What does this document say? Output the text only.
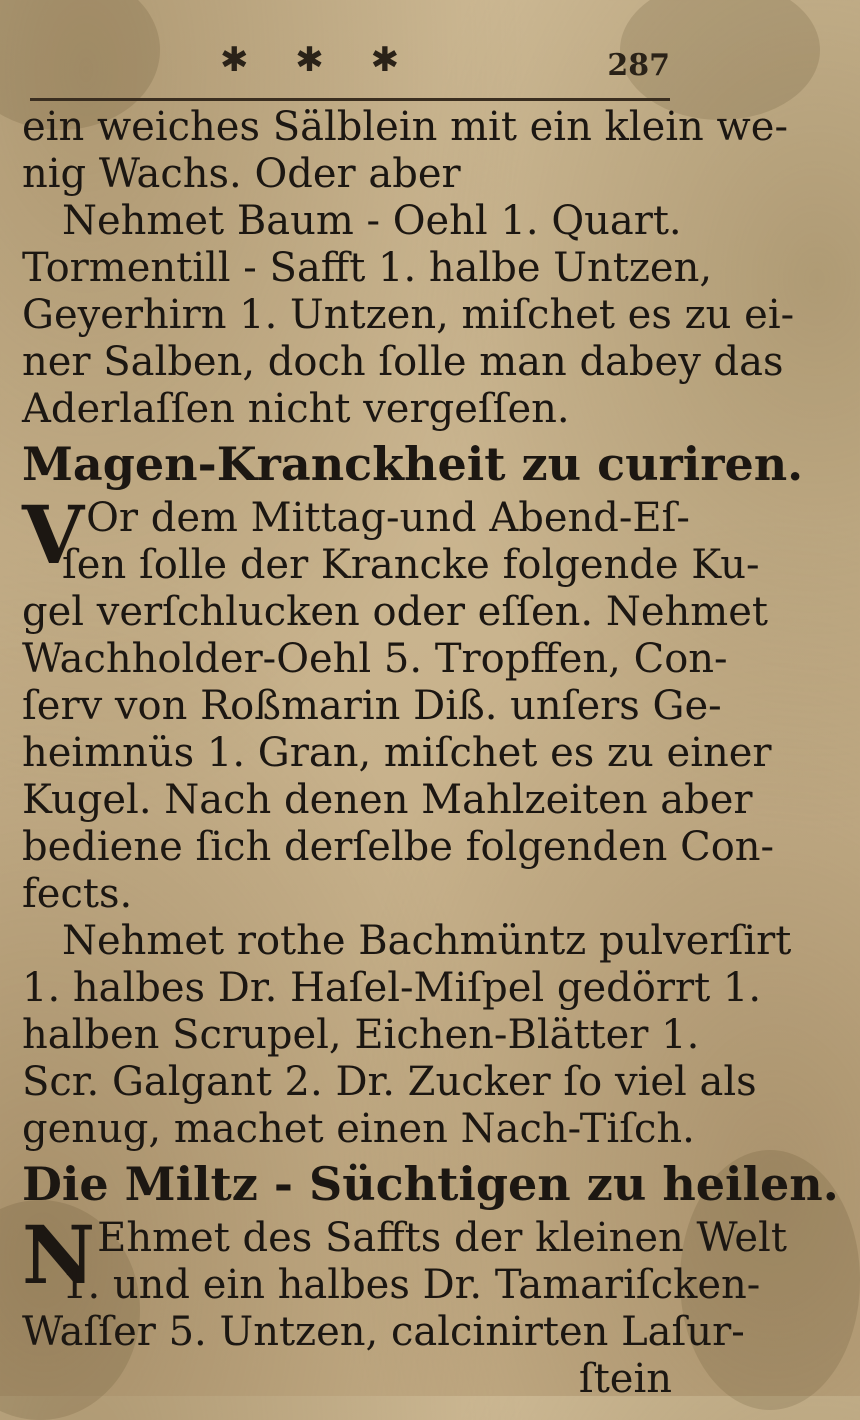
✱ ✱ ✱	287
ein weiches Sälblein mit ein klein we-
nig Wachs. Oder aber
Nehmet Baum - Oehl 1. Quart.
Tormentill - Safft 1. halbe Untzen,
Geyerhirn 1. Untzen, miſchet es zu ei-
ner Salben, doch ſolle man dabey das
Aderlaſſen nicht vergeſſen.
Magen-Kranckheit zu curiren.
VOr dem Mittag-und Abend-Eſ-
ſen ſolle der Krancke folgende Ku-
gel verſchlucken oder eſſen. Nehmet
Wachholder-Oehl 5. Tropffen, Con-
ſerv von Roßmarin Diß. unſers Ge-
heimnüs 1. Gran, miſchet es zu einer
Kugel. Nach denen Mahlzeiten aber
bediene ſich derſelbe folgenden Con-
fects.
Nehmet rothe Bachmüntz pulverſirt
1. halbes Dr. Haſel-Miſpel gedörrt 1.
halben Scrupel, Eichen-Blätter 1.
Scr. Galgant 2. Dr. Zucker ſo viel als
genug, machet einen Nach-Tiſch.
Die Miltz - Süchtigen zu heilen.
NEhmet des Saffts der kleinen Welt
1. und ein halbes Dr. Tamariſcken-
Waſſer 5. Untzen, calcinirten Laſur-
ſtein
